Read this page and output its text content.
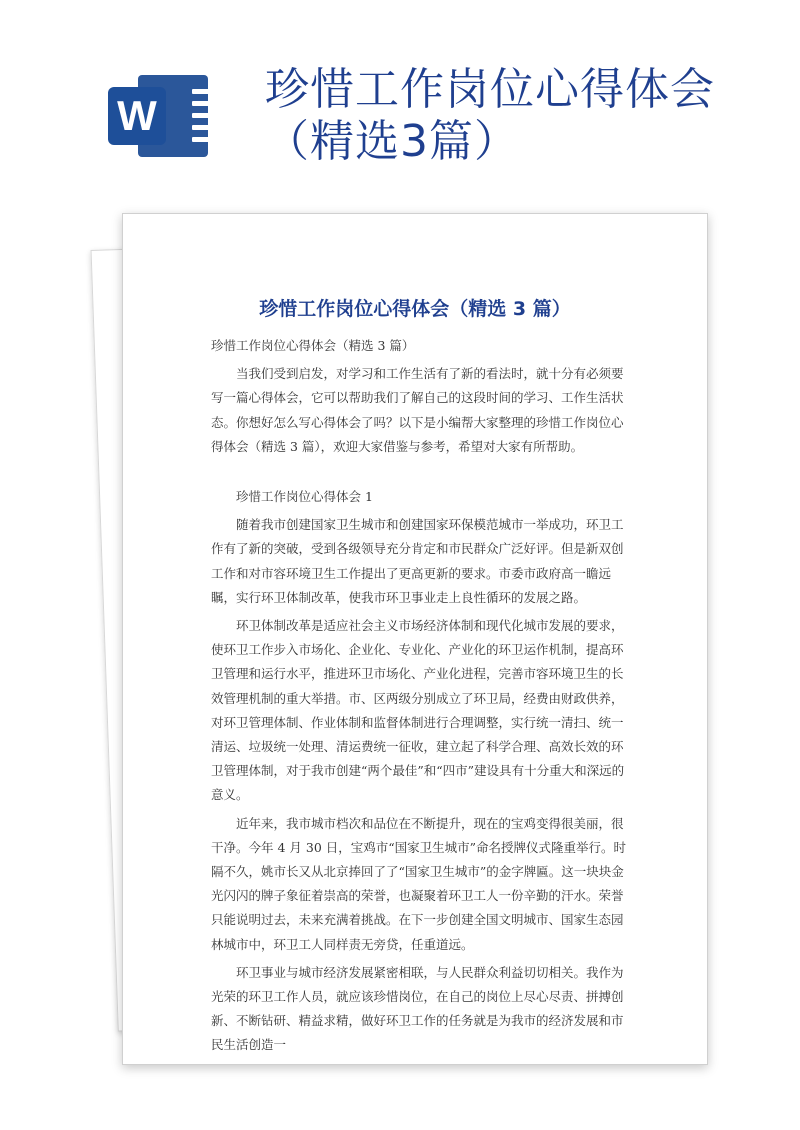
W
珍惜工作岗位心得体会
（精选3篇）
珍惜工作岗位心得体会（精选 3 篇）

珍惜工作岗位心得体会（精选 3 篇）

当我们受到启发，对学习和工作生活有了新的看法时，就十分有必须要写一篇心得体会，它可以帮助我们了解自己的这段时间的学习、工作生活状态。你想好怎么写心得体会了吗？以下是小编帮大家整理的珍惜工作岗位心得体会（精选 3 篇），欢迎大家借鉴与参考，希望对大家有所帮助。

珍惜工作岗位心得体会 1

随着我市创建国家卫生城市和创建国家环保模范城市一举成功，环卫工作有了新的突破，受到各级领导充分肯定和市民群众广泛好评。但是新双创工作和对市容环境卫生工作提出了更高更新的要求。市委市政府高一瞻远瞩，实行环卫体制改革，使我市环卫事业走上良性循环的发展之路。

环卫体制改革是适应社会主义市场经济体制和现代化城市发展的要求，使环卫工作步入市场化、企业化、专业化、产业化的环卫运作机制，提高环卫管理和运行水平，推进环卫市场化、产业化进程，完善市容环境卫生的长效管理机制的重大举措。市、区两级分别成立了环卫局，经费由财政供养，对环卫管理体制、作业体制和监督体制进行合理调整，实行统一清扫、统一清运、垃圾统一处理、清运费统一征收，建立起了科学合理、高效长效的环卫管理体制，对于我市创建“两个最佳”和“四市”建设具有十分重大和深远的意义。

近年来，我市城市档次和品位在不断提升，现在的宝鸡变得很美丽，很干净。今年 4 月 30 日，宝鸡市“国家卫生城市”命名授牌仪式隆重举行。时隔不久，姚市长又从北京捧回了了“国家卫生城市”的金字牌匾。这一块块金光闪闪的牌子象征着崇高的荣誉，也凝聚着环卫工人一份辛勤的汗水。荣誉只能说明过去，未来充满着挑战。在下一步创建全国文明城市、国家生态园林城市中，环卫工人同样责无旁贷，任重道远。

环卫事业与城市经济发展紧密相联，与人民群众利益切切相关。我作为光荣的环卫工作人员，就应该珍惜岗位，在自己的岗位上尽心尽责、拼搏创新、不断钻研、精益求精，做好环卫工作的任务就是为我市的经济发展和市民生活创造一
